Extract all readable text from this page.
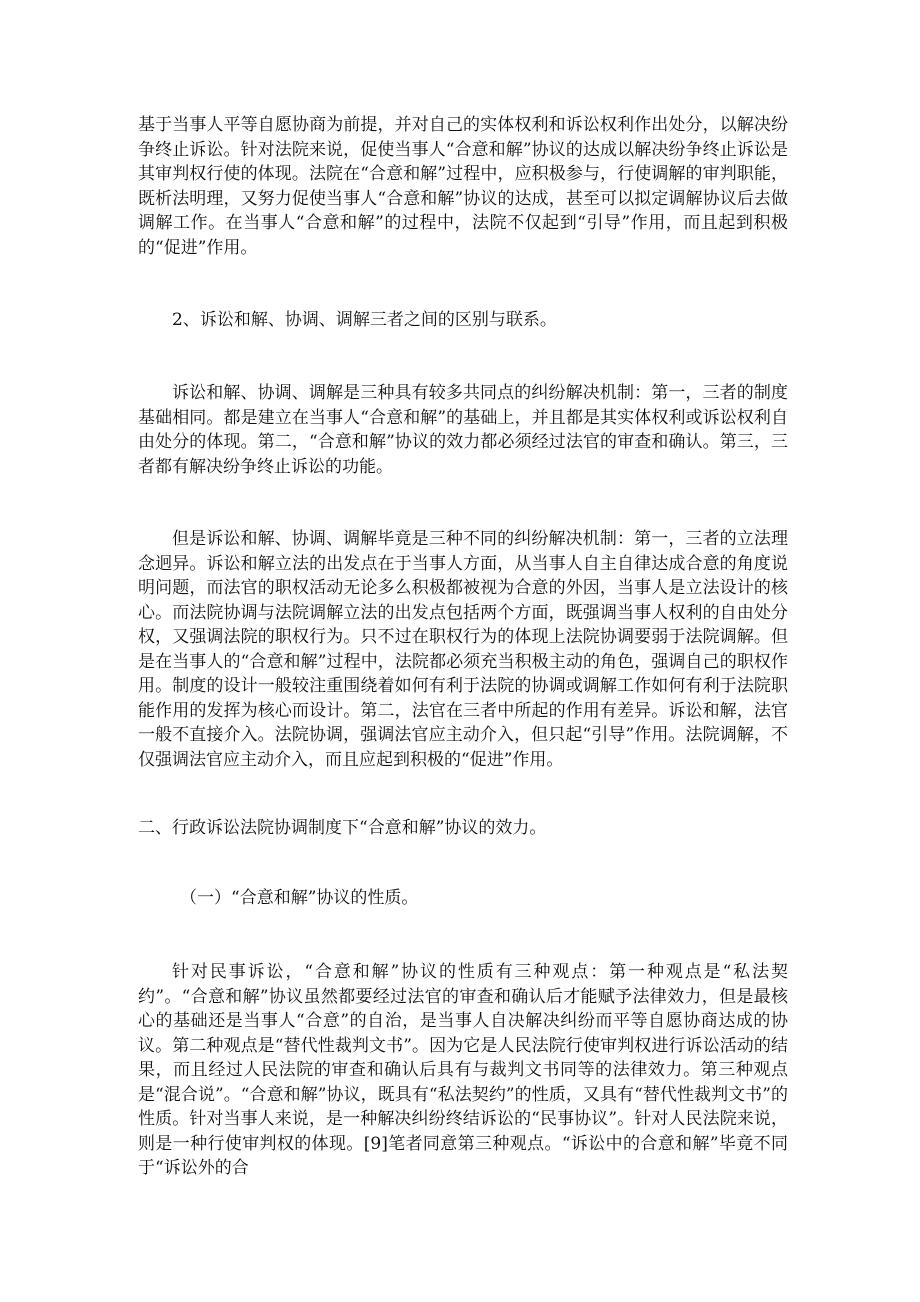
基于当事人平等自愿协商为前提，并对自己的实体权利和诉讼权利作出处分，以解决纷争终止诉讼。针对法院来说，促使当事人“合意和解”协议的达成以解决纷争终止诉讼是其审判权行使的体现。法院在“合意和解”过程中，应积极参与，行使调解的审判职能，既析法明理，又努力促使当事人“合意和解”协议的达成，甚至可以拟定调解协议后去做调解工作。在当事人“合意和解”的过程中，法院不仅起到“引导”作用，而且起到积极的“促进”作用。

2、诉讼和解、协调、调解三者之间的区别与联系。

诉讼和解、协调、调解是三种具有较多共同点的纠纷解决机制：第一，三者的制度基础相同。都是建立在当事人“合意和解”的基础上，并且都是其实体权利或诉讼权利自由处分的体现。第二，“合意和解”协议的效力都必须经过法官的审查和确认。第三，三者都有解决纷争终止诉讼的功能。

但是诉讼和解、协调、调解毕竟是三种不同的纠纷解决机制：第一，三者的立法理念迥异。诉讼和解立法的出发点在于当事人方面，从当事人自主自律达成合意的角度说明问题，而法官的职权活动无论多么积极都被视为合意的外因，当事人是立法设计的核心。而法院协调与法院调解立法的出发点包括两个方面，既强调当事人权利的自由处分权，又强调法院的职权行为。只不过在职权行为的体现上法院协调要弱于法院调解。但是在当事人的“合意和解”过程中，法院都必须充当积极主动的角色，强调自己的职权作用。制度的设计一般较注重围绕着如何有利于法院的协调或调解工作如何有利于法院职能作用的发挥为核心而设计。第二，法官在三者中所起的作用有差异。诉讼和解，法官一般不直接介入。法院协调，强调法官应主动介入，但只起“引导”作用。法院调解，不仅强调法官应主动介入，而且应起到积极的“促进”作用。

二、行政诉讼法院协调制度下“合意和解”协议的效力。

（一）“合意和解”协议的性质。

针对民事诉讼，“合意和解”协议的性质有三种观点：第一种观点是“私法契约”。“合意和解”协议虽然都要经过法官的审查和确认后才能赋予法律效力，但是最核心的基础还是当事人“合意”的自治，是当事人自决解决纠纷而平等自愿协商达成的协议。第二种观点是“替代性裁判文书”。因为它是人民法院行使审判权进行诉讼活动的结果，而且经过人民法院的审查和确认后具有与裁判文书同等的法律效力。第三种观点是“混合说”。“合意和解”协议，既具有“私法契约”的性质，又具有“替代性裁判文书”的性质。针对当事人来说，是一种解决纠纷终结诉讼的“民事协议”。针对人民法院来说，则是一种行使审判权的体现。[9]笔者同意第三种观点。“诉讼中的合意和解”毕竟不同于“诉讼外的合
